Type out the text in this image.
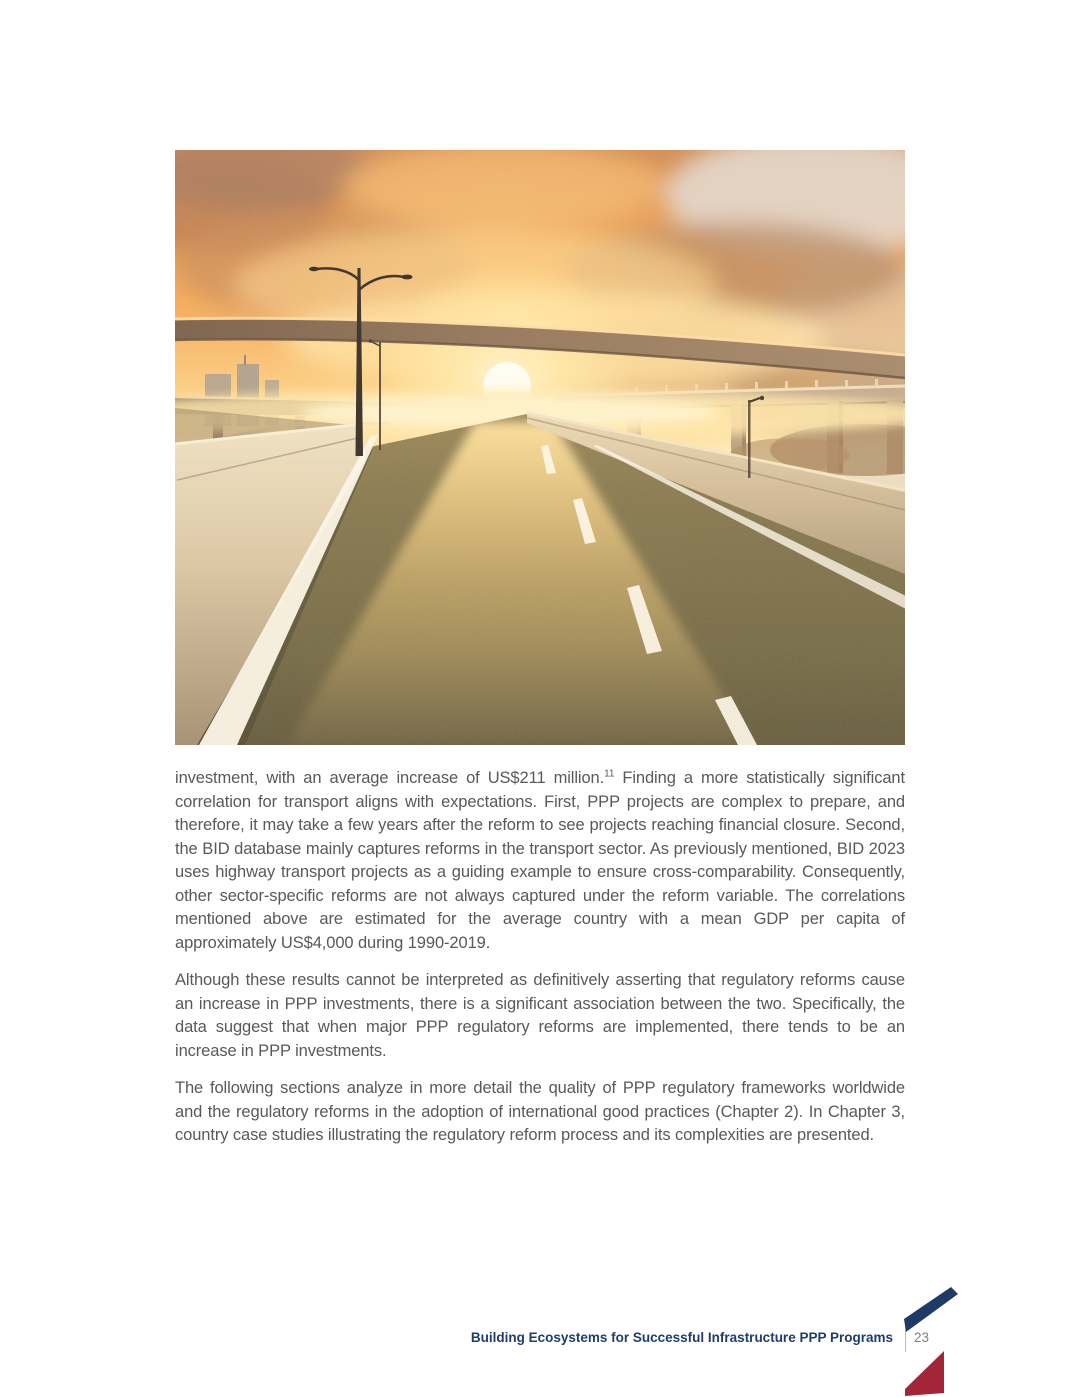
investment, with an average increase of US$211 million.$^{11}$ Finding a more statistically significant correlation for transport aligns with expectations. First, PPP projects are complex to prepare, and therefore, it may take a few years after the reform to see projects reaching financial closure. Second, the BID database mainly captures reforms in the transport sector. As previously mentioned, BID 2023 uses highway transport projects as a guiding example to ensure cross-comparability. Consequently, other sector-specific reforms are not always captured under the reform variable. The correlations mentioned above are estimated for the average country with a mean GDP per capita of approximately US$4,000 during 1990-2019.

Although these results cannot be interpreted as definitively asserting that regulatory reforms cause an increase in PPP investments, there is a significant association between the two. Specifically, the data suggest that when major PPP regulatory reforms are implemented, there tends to be an increase in PPP investments.

The following sections analyze in more detail the quality of PPP regulatory frameworks worldwide and the regulatory reforms in the adoption of international good practices (Chapter 2). In Chapter 3, country case studies illustrating the regulatory reform process and its complexities are presented.

Building Ecosystems for Successful Infrastructure PPP Programs 23
